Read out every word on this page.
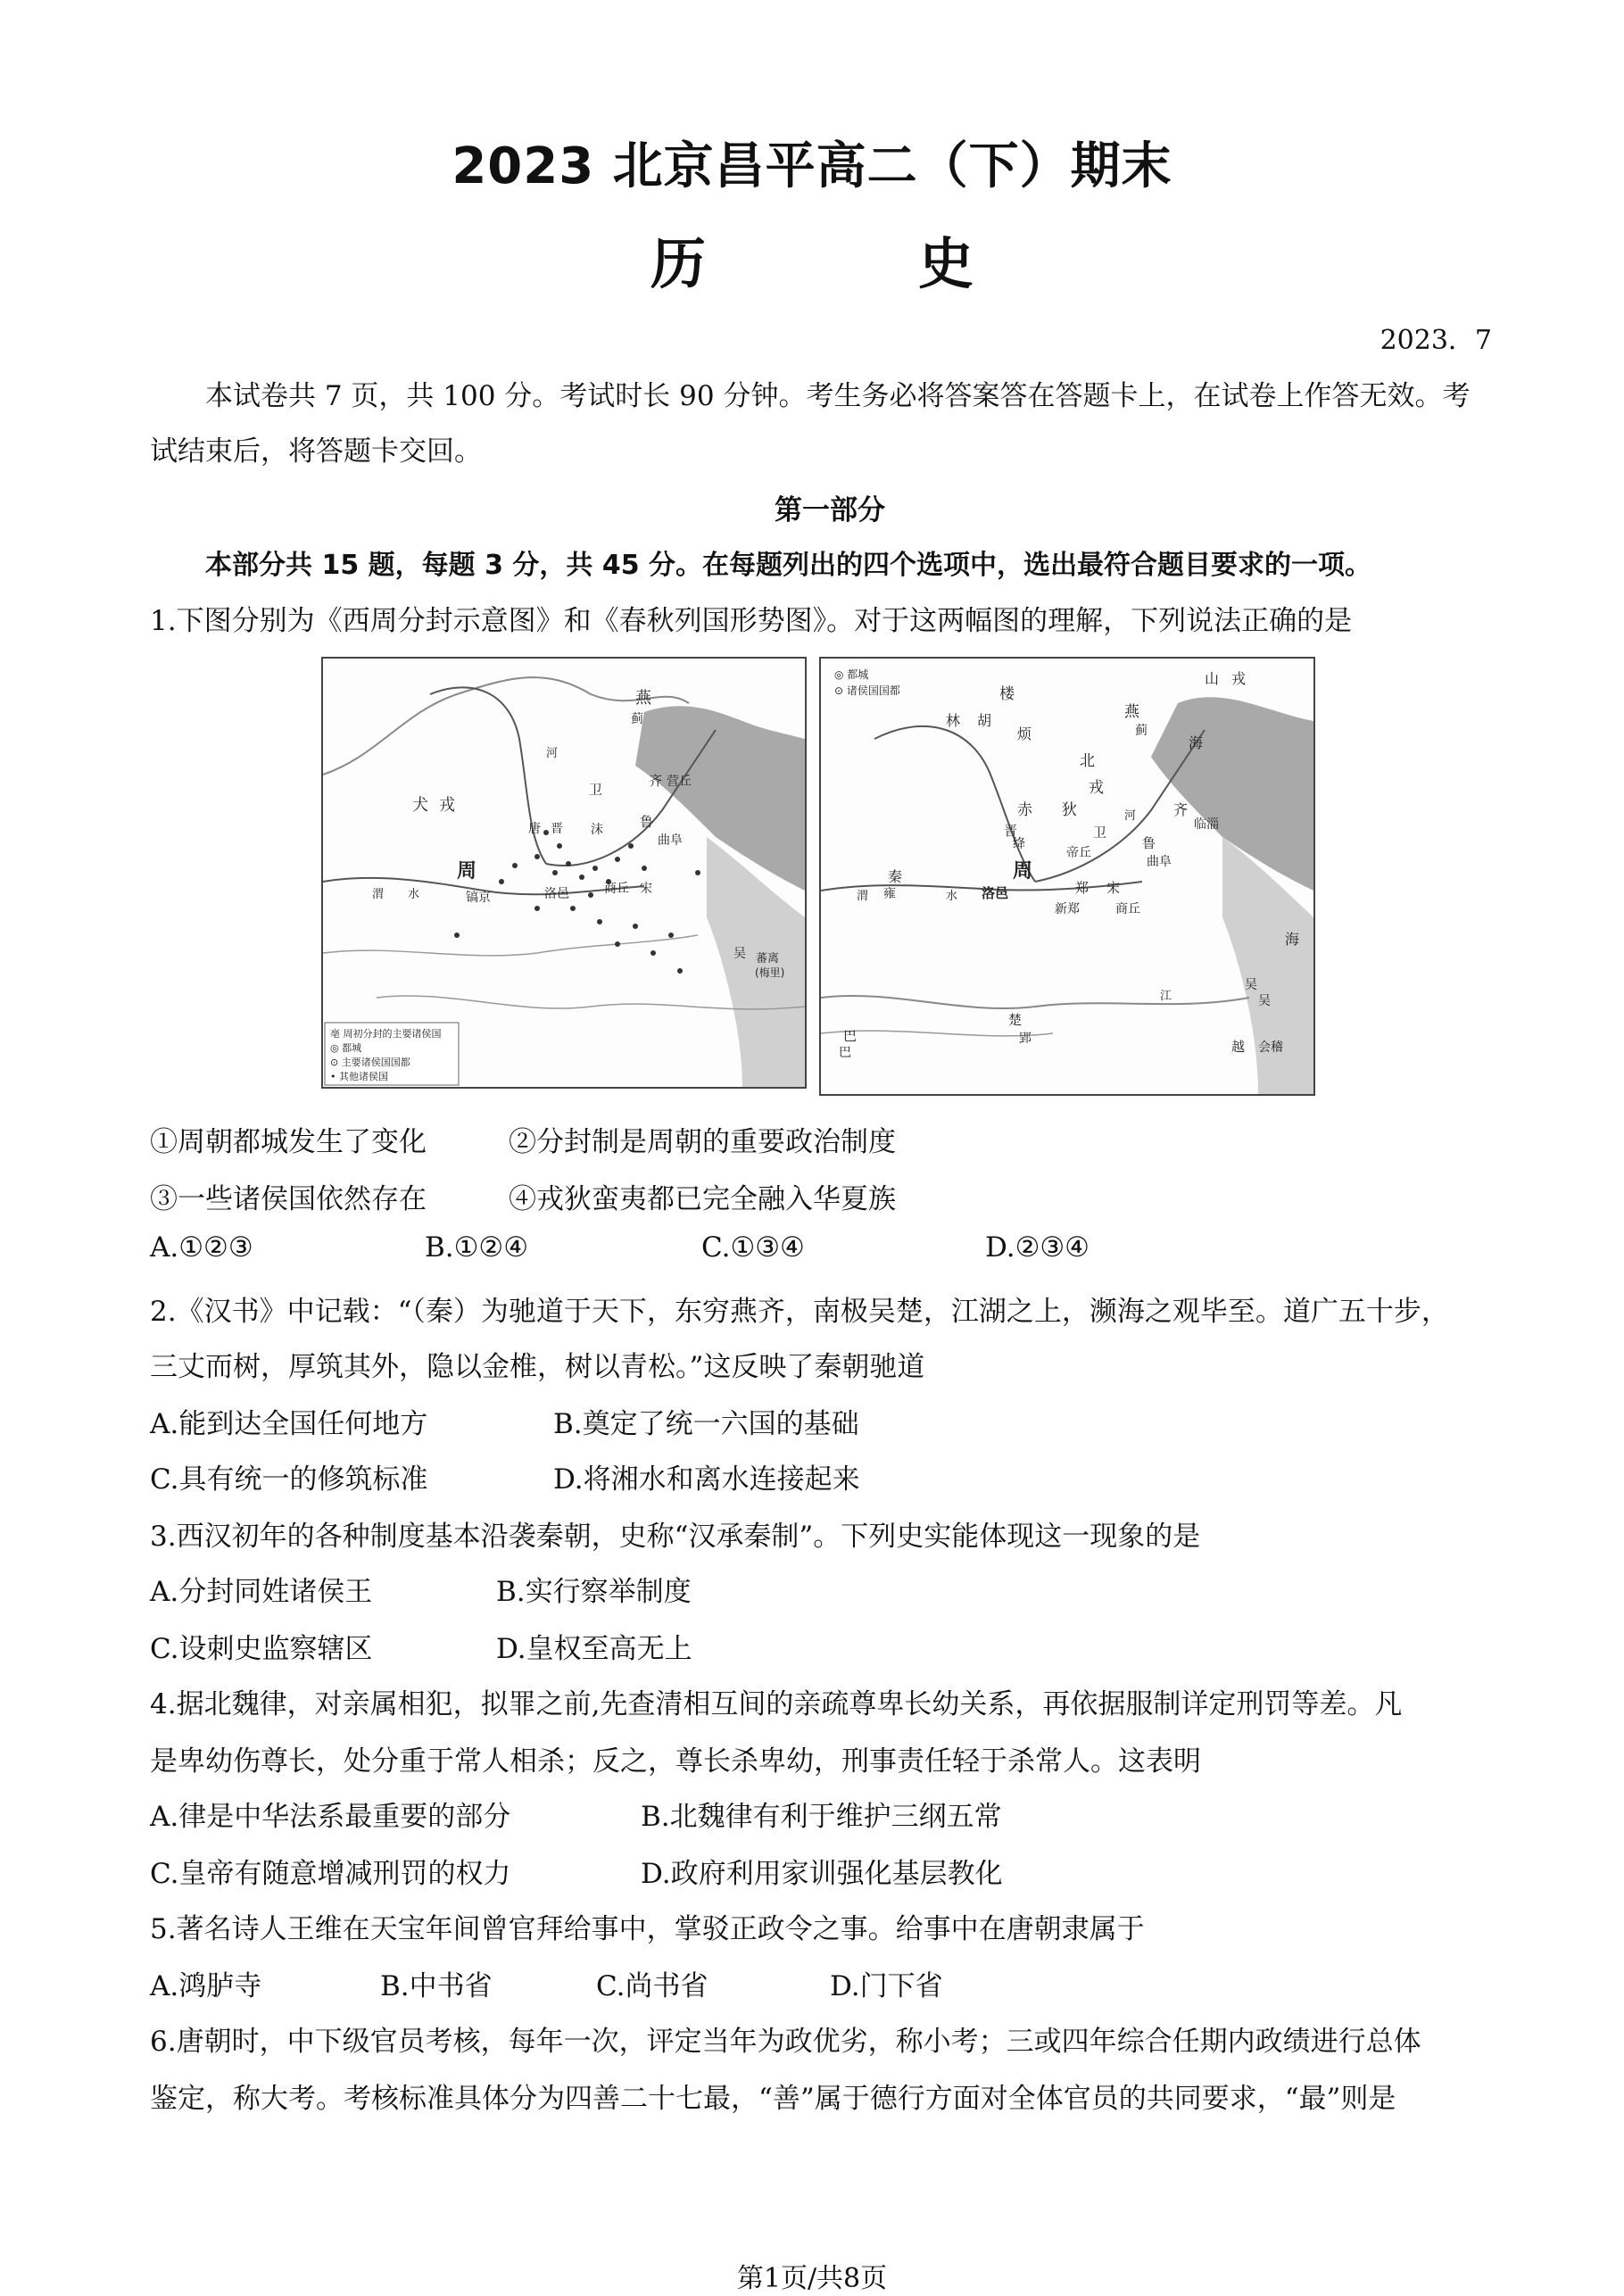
2023 北京昌平高二（下）期末
历　史
2023．7
本试卷共 7 页，共 100 分。考试时长 90 分钟。考生务必将答案答在答题卡上，在试卷上作答无效。考
试结束后，将答题卡交回。
第一部分
本部分共 15 题，每题 3 分，共 45 分。在每题列出的四个选项中，选出最符合题目要求的一项。
1.下图分别为《西周分封示意图》和《春秋列国形势图》。对于这两幅图的理解，下列说法正确的是
燕
蓟
犬 戎
卫
齐 营丘
唐 晋 沬	鲁
曲阜
周
镐京	洛邑	商丘 宋
吴 蕃离
(梅里)
渭 水
河
亳 周初分封的主要诸侯国
◎ 都城
⊙ 主要诸侯国国都
• 其他诸侯国
◎ 都城
⊙ 诸侯国国都	楼
山 戎
林 胡
烦
燕
蓟
北
戎
海
河	齐
临淄
赤 狄
卫
晋
绛
帝丘
鲁
曲阜
秦
雍
周
洛邑	郑
新郑
宋
商丘
海
吴
吴
楚
郢
巴
巴	越 会稽
渭	水
江
①周朝都城发生了变化	②分封制是周朝的重要政治制度
③一些诸侯国依然存在	④戎狄蛮夷都已完全融入华夏族
A.①②③	B.①②④	C.①③④	D.②③④
2.《汉书》中记载：“（秦）为驰道于天下，东穷燕齐，南极吴楚，江湖之上，濒海之观毕至。道广五十步，
三丈而树，厚筑其外，隐以金椎，树以青松。”这反映了秦朝驰道
A.能到达全国任何地方	B.奠定了统一六国的基础
C.具有统一的修筑标准	D.将湘水和离水连接起来
3.西汉初年的各种制度基本沿袭秦朝，史称“汉承秦制”。下列史实能体现这一现象的是
A.分封同姓诸侯王	B.实行察举制度
C.设刺史监察辖区	D.皇权至高无上
4.据北魏律，对亲属相犯，拟罪之前,先查清相互间的亲疏尊卑长幼关系，再依据服制详定刑罚等差。凡
是卑幼伤尊长，处分重于常人相杀；反之，尊长杀卑幼，刑事责任轻于杀常人。这表明
A.律是中华法系最重要的部分	B.北魏律有利于维护三纲五常
C.皇帝有随意增减刑罚的权力	D.政府利用家训强化基层教化
5.著名诗人王维在天宝年间曾官拜给事中，掌驳正政令之事。给事中在唐朝隶属于
A.鸿胪寺	B.中书省	C.尚书省	D.门下省
6.唐朝时，中下级官员考核，每年一次，评定当年为政优劣，称小考；三或四年综合任期内政绩进行总体
鉴定，称大考。考核标准具体分为四善二十七最，“善”属于德行方面对全体官员的共同要求，“最”则是
第1页/共8页
